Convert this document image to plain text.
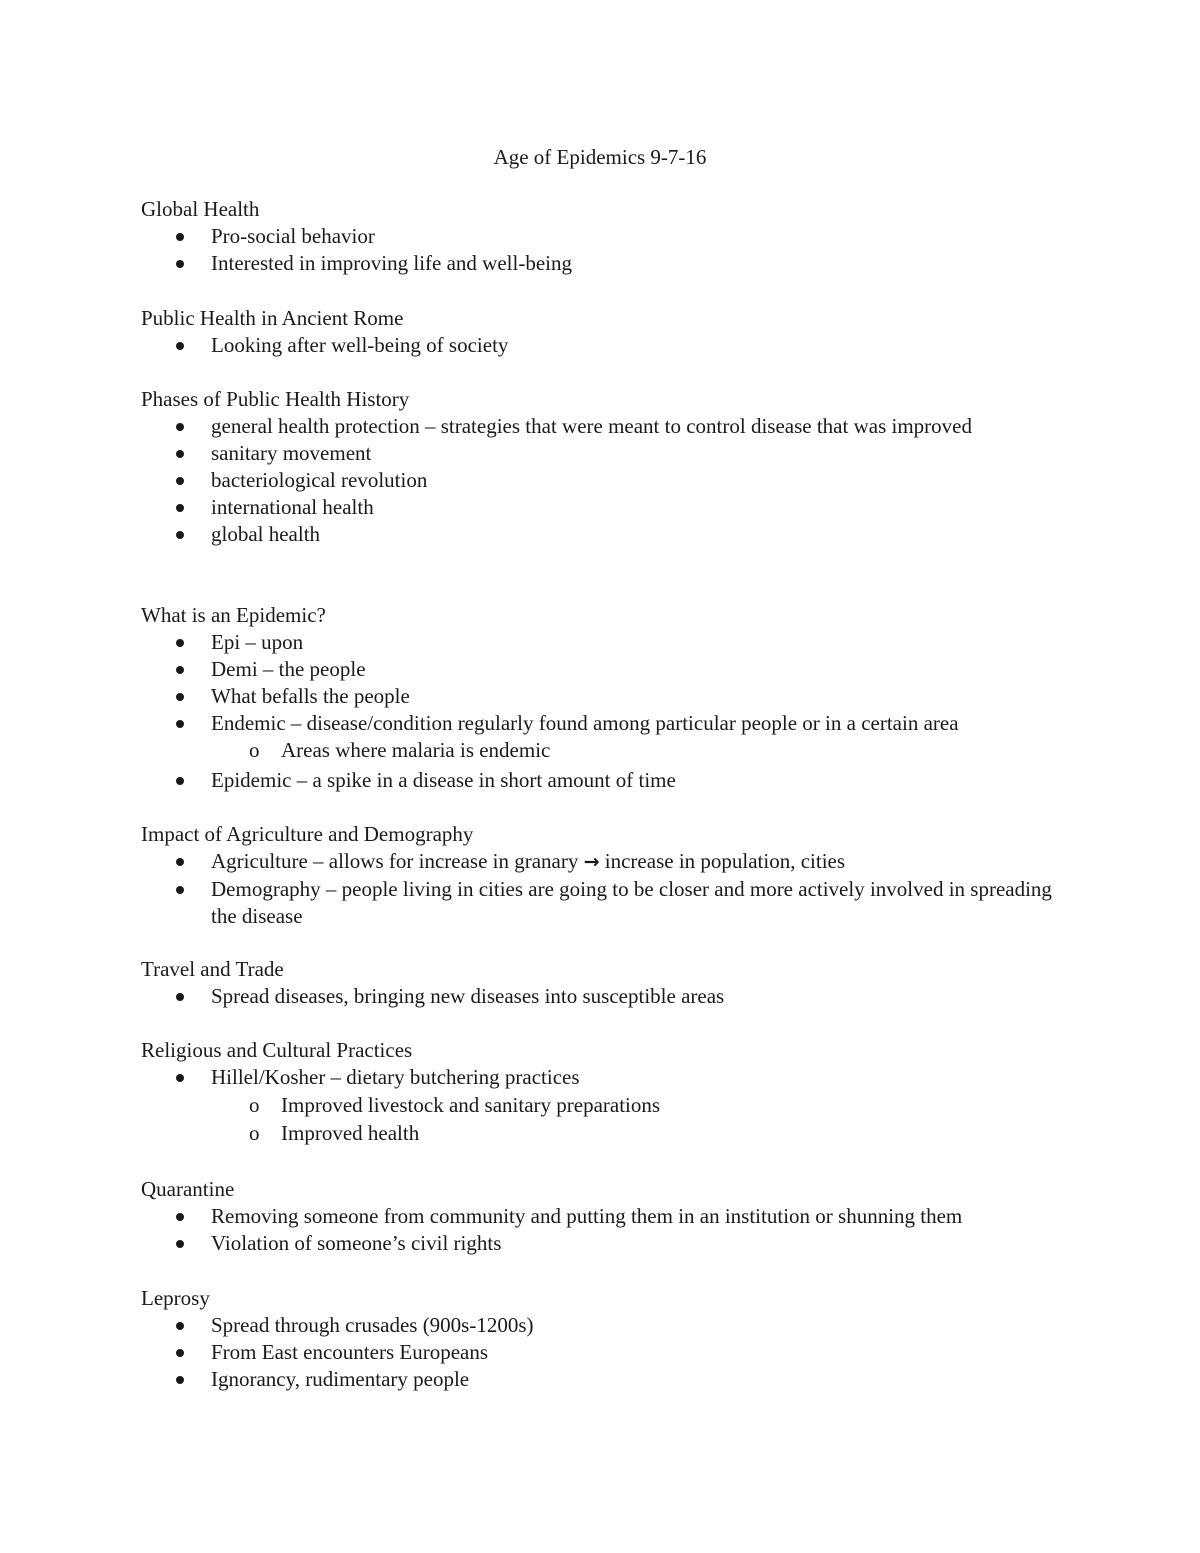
Age of Epidemics 9-7-16
Global Health
Pro-social behavior
Interested in improving life and well-being
Public Health in Ancient Rome
Looking after well-being of society
Phases of Public Health History
general health protection – strategies that were meant to control disease that was improved
sanitary movement
bacteriological revolution
international health
global health
What is an Epidemic?
Epi – upon
Demi – the people
What befalls the people
Endemic – disease/condition regularly found among particular people or in a certain area
o Areas where malaria is endemic
Epidemic – a spike in a disease in short amount of time
Impact of Agriculture and Demography
Agriculture – allows for increase in granary → increase in population, cities
Demography – people living in cities are going to be closer and more actively involved in spreading the disease
Travel and Trade
Spread diseases, bringing new diseases into susceptible areas
Religious and Cultural Practices
Hillel/Kosher – dietary butchering practices
o Improved livestock and sanitary preparations
o Improved health
Quarantine
Removing someone from community and putting them in an institution or shunning them
Violation of someone’s civil rights
Leprosy
Spread through crusades (900s-1200s)
From East encounters Europeans
Ignorancy, rudimentary people
